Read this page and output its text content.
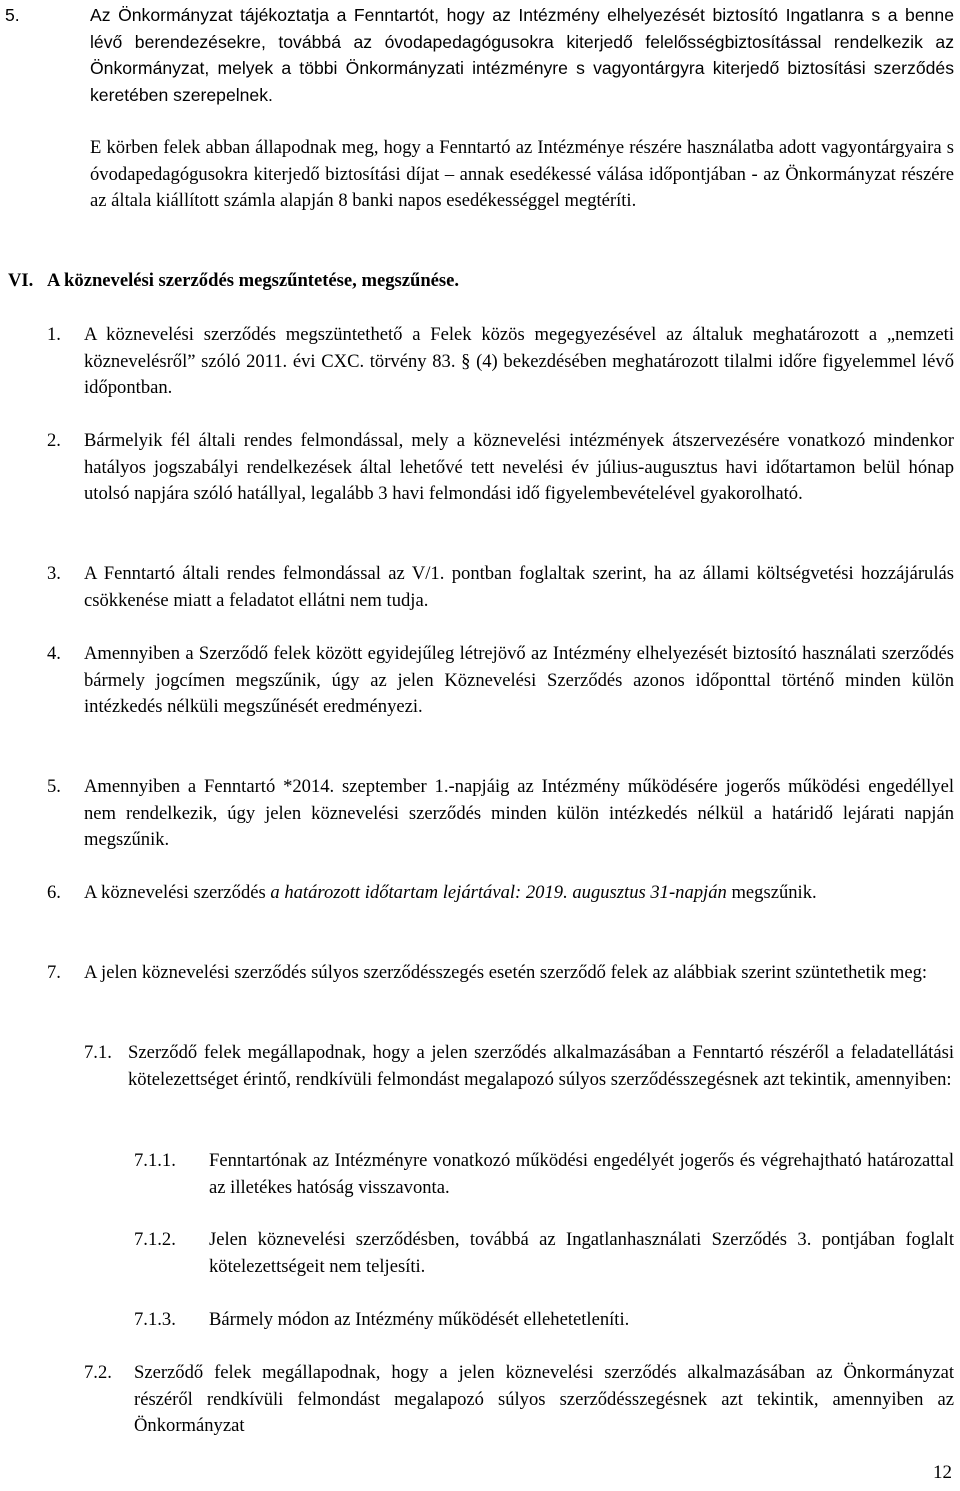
5.	Az Önkormányzat tájékoztatja a Fenntartót, hogy az Intézmény elhelyezését biztosító Ingatlanra s a benne lévő berendezésekre, továbbá az óvodapedagógusokra kiterjedő felelősségbiztosítással rendelkezik az Önkormányzat, melyek a többi Önkormányzati intézményre s vagyontárgyra kiterjedő biztosítási szerződés keretében szerepelnek.
E körben felek abban állapodnak meg, hogy a Fenntartó az Intézménye részére használatba adott vagyontárgyaira s óvodapedagógusokra kiterjedő biztosítási díjat – annak esedékessé válása időpontjában - az Önkormányzat részére az általa kiállított számla alapján 8 banki napos esedékességgel megtéríti.
VI. A köznevelési szerződés megszűntetése, megszűnése.
1. A köznevelési szerződés megszüntethető a Felek közös megegyezésével az általuk meghatározott a „nemzeti köznevelésről” szóló 2011. évi CXC. törvény 83. § (4) bekezdésében meghatározott tilalmi időre figyelemmel lévő időpontban.
2. Bármelyik fél általi rendes felmondással, mely a köznevelési intézmények átszervezésére vonatkozó mindenkor hatályos jogszabályi rendelkezések által lehetővé tett nevelési év július-augusztus havi időtartamon belül hónap utolsó napjára szóló hatállyal, legalább 3 havi felmondási idő figyelembevételével gyakorolható.
3. A Fenntartó általi rendes felmondással az V/1. pontban foglaltak szerint, ha az állami költségvetési hozzájárulás csökkenése miatt a feladatot ellátni nem tudja.
4. Amennyiben a Szerződő felek között egyidejűleg létrejövő az Intézmény elhelyezését biztosító használati szerződés bármely jogcímen megszűnik, úgy az jelen Köznevelési Szerződés azonos időponttal történő minden külön intézkedés nélküli megszűnését eredményezi.
5. Amennyiben a Fenntartó *2014. szeptember 1.-napjáig az Intézmény működésére jogerős működési engedéllyel nem rendelkezik, úgy jelen köznevelési szerződés minden külön intézkedés nélkül a határidő lejárati napján megszűnik.
6. A köznevelési szerződés a határozott időtartam lejártával: 2019. augusztus 31-napján megszűnik.
7. A jelen köznevelési szerződés súlyos szerződésszegés esetén szerződő felek az alábbiak szerint szüntethetik meg:
7.1. Szerződő felek megállapodnak, hogy a jelen szerződés alkalmazásában a Fenntartó részéről a feladatellátási kötelezettséget érintő, rendkívüli felmondást megalapozó súlyos szerződésszegésnek azt tekintik, amennyiben:
7.1.1. Fenntartónak az Intézményre vonatkozó működési engedélyét jogerős és végrehajtható határozattal az illetékes hatóság visszavonta.
7.1.2. Jelen köznevelési szerződésben, továbbá az Ingatlanhasználati Szerződés 3. pontjában foglalt kötelezettségeit nem teljesíti.
7.1.3. Bármely módon az Intézmény működését ellehetetleníti.
7.2. Szerződő felek megállapodnak, hogy a jelen köznevelési szerződés alkalmazásában az Önkormányzat részéről rendkívüli felmondást megalapozó súlyos szerződésszegésnek azt tekintik, amennyiben az Önkormányzat
12
